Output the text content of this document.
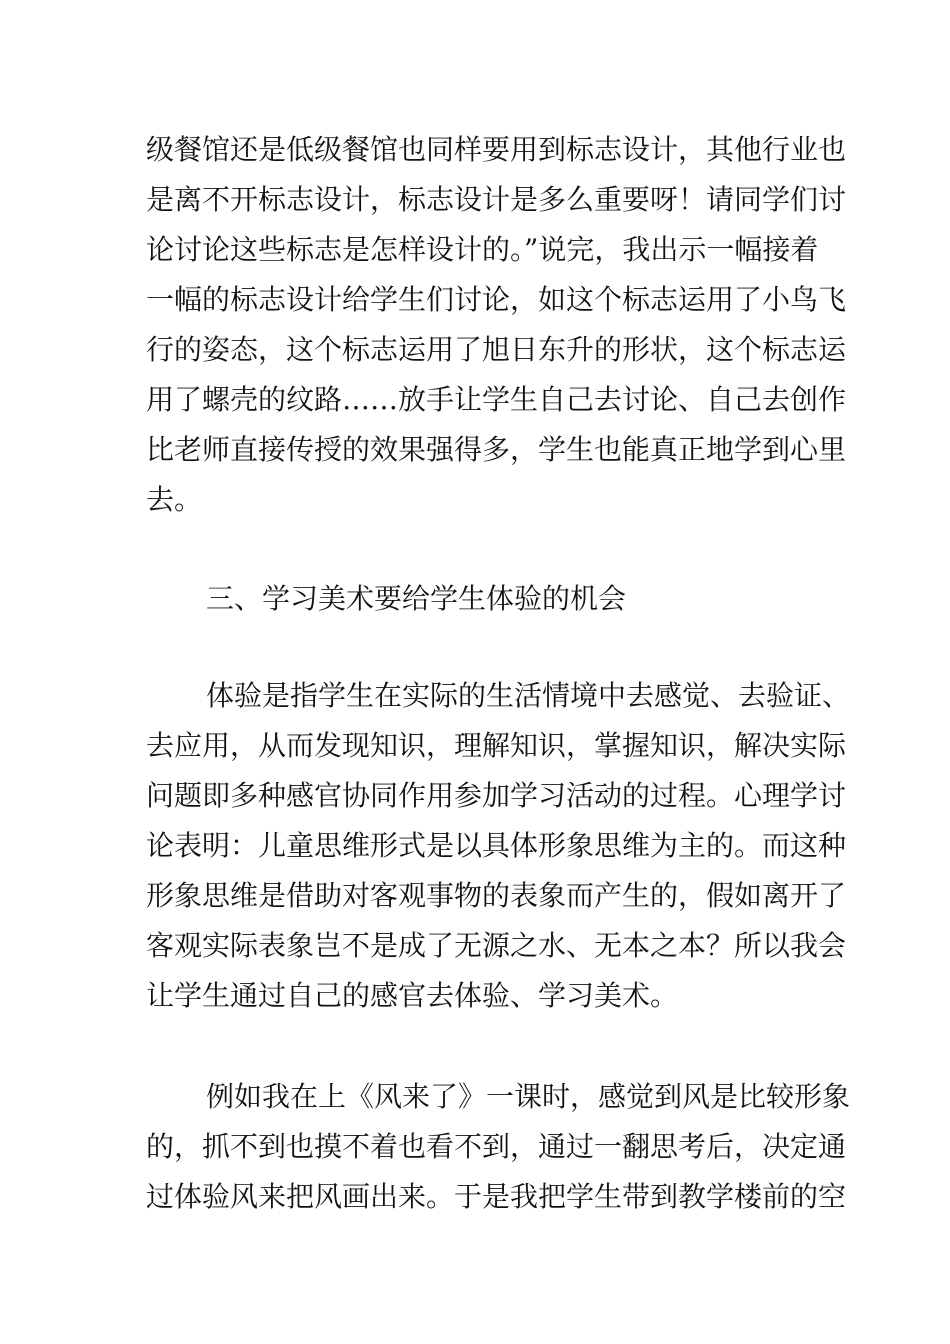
级餐馆还是低级餐馆也同样要用到标志设计，其他行业也
是离不开标志设计，标志设计是多么重要呀！请同学们讨
论讨论这些标志是怎样设计的。”说完，我出示一幅接着
一幅的标志设计给学生们讨论，如这个标志运用了小鸟飞
行的姿态，这个标志运用了旭日东升的形状，这个标志运
用了螺壳的纹路……放手让学生自己去讨论、自己去创作
比老师直接传授的效果强得多，学生也能真正地学到心里
去。
三、学习美术要给学生体验的机会
体验是指学生在实际的生活情境中去感觉、去验证、
去应用，从而发现知识，理解知识，掌握知识，解决实际
问题即多种感官协同作用参加学习活动的过程。心理学讨
论表明：儿童思维形式是以具体形象思维为主的。而这种
形象思维是借助对客观事物的表象而产生的，假如离开了
客观实际表象岂不是成了无源之水、无本之本？所以我会
让学生通过自己的感官去体验、学习美术。
例如我在上《风来了》一课时，感觉到风是比较形象
的，抓不到也摸不着也看不到，通过一翻思考后，决定通
过体验风来把风画出来。于是我把学生带到教学楼前的空
